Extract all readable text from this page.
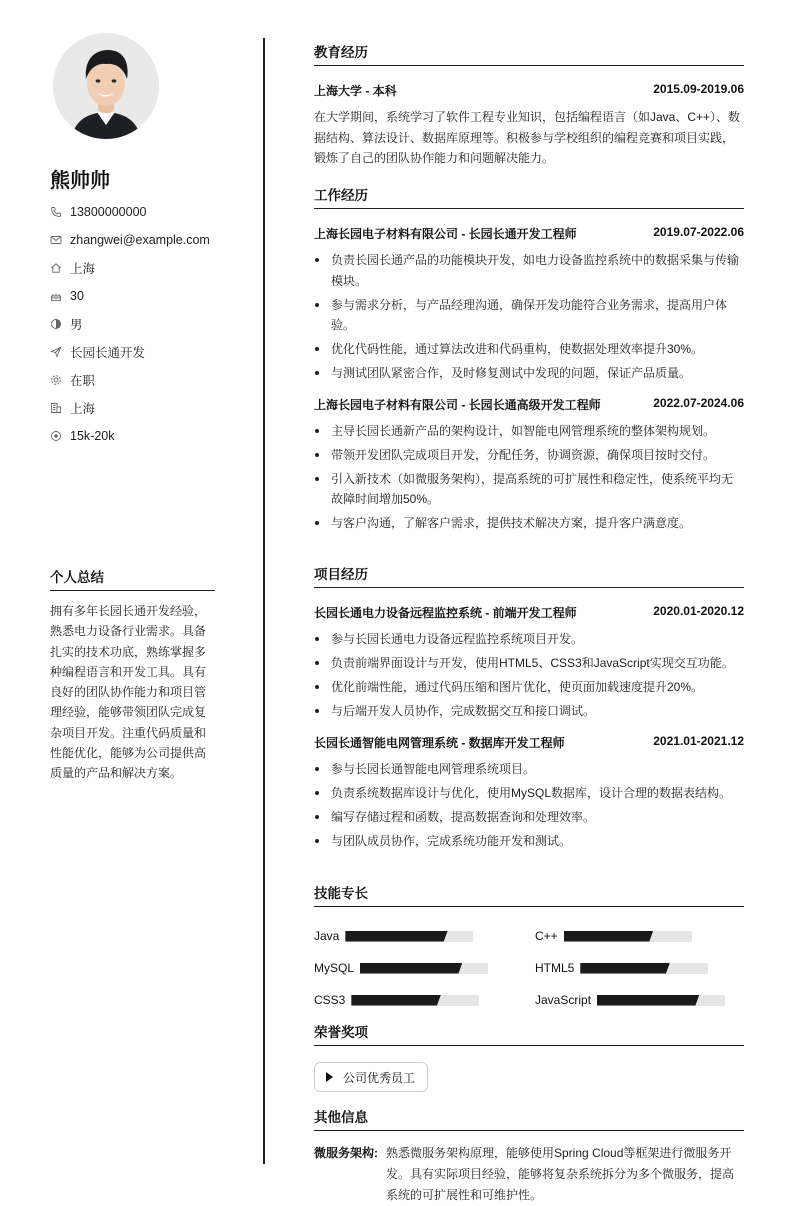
熊帅帅
13800000000
zhangwei@example.com
上海
30
男
长园长通开发
在职
上海
15k-20k
个人总结

拥有多年长园长通开发经验，熟悉电力设备行业需求。具备扎实的技术功底，熟练掌握多种编程语言和开发工具。具有良好的团队协作能力和项目管理经验，能够带领团队完成复杂项目开发。注重代码质量和性能优化，能够为公司提供高质量的产品和解决方案。

教育经历
上海大学 - 本科	2015.09-2019.06

在大学期间，系统学习了软件工程专业知识，包括编程语言（如Java、C++）、数据结构、算法设计、数据库原理等。积极参与学校组织的编程竞赛和项目实践，锻炼了自己的团队协作能力和问题解决能力。

工作经历
上海长园电子材料有限公司 - 长园长通开发工程师	2019.07-2022.06
负责长园长通产品的功能模块开发，如电力设备监控系统中的数据采集与传输模块。
参与需求分析，与产品经理沟通，确保开发功能符合业务需求，提高用户体验。
优化代码性能，通过算法改进和代码重构，使数据处理效率提升30%。
与测试团队紧密合作，及时修复测试中发现的问题，保证产品质量。
上海长园电子材料有限公司 - 长园长通高级开发工程师	2022.07-2024.06
主导长园长通新产品的架构设计，如智能电网管理系统的整体架构规划。
带领开发团队完成项目开发，分配任务，协调资源，确保项目按时交付。
引入新技术（如微服务架构），提高系统的可扩展性和稳定性，使系统平均无故障时间增加50%。
与客户沟通，了解客户需求，提供技术解决方案，提升客户满意度。
项目经历
长园长通电力设备远程监控系统 - 前端开发工程师	2020.01-2020.12
参与长园长通电力设备远程监控系统项目开发。
负责前端界面设计与开发，使用HTML5、CSS3和JavaScript实现交互功能。
优化前端性能，通过代码压缩和图片优化，使页面加载速度提升20%。
与后端开发人员协作，完成数据交互和接口调试。
长园长通智能电网管理系统 - 数据库开发工程师	2021.01-2021.12
参与长园长通智能电网管理系统项目。
负责系统数据库设计与优化，使用MySQL数据库，设计合理的数据表结构。
编写存储过程和函数，提高数据查询和处理效率。
与团队成员协作，完成系统功能开发和测试。
技能专长
Java	C++
MySQL	HTML5
CSS3	JavaScript
荣誉奖项
公司优秀员工
其他信息
微服务架构: 熟悉微服务架构原理，能够使用Spring Cloud等框架进行微服务开发。具有实际项目经验，能够将复杂系统拆分为多个微服务，提高系统的可扩展性和可维护性。
